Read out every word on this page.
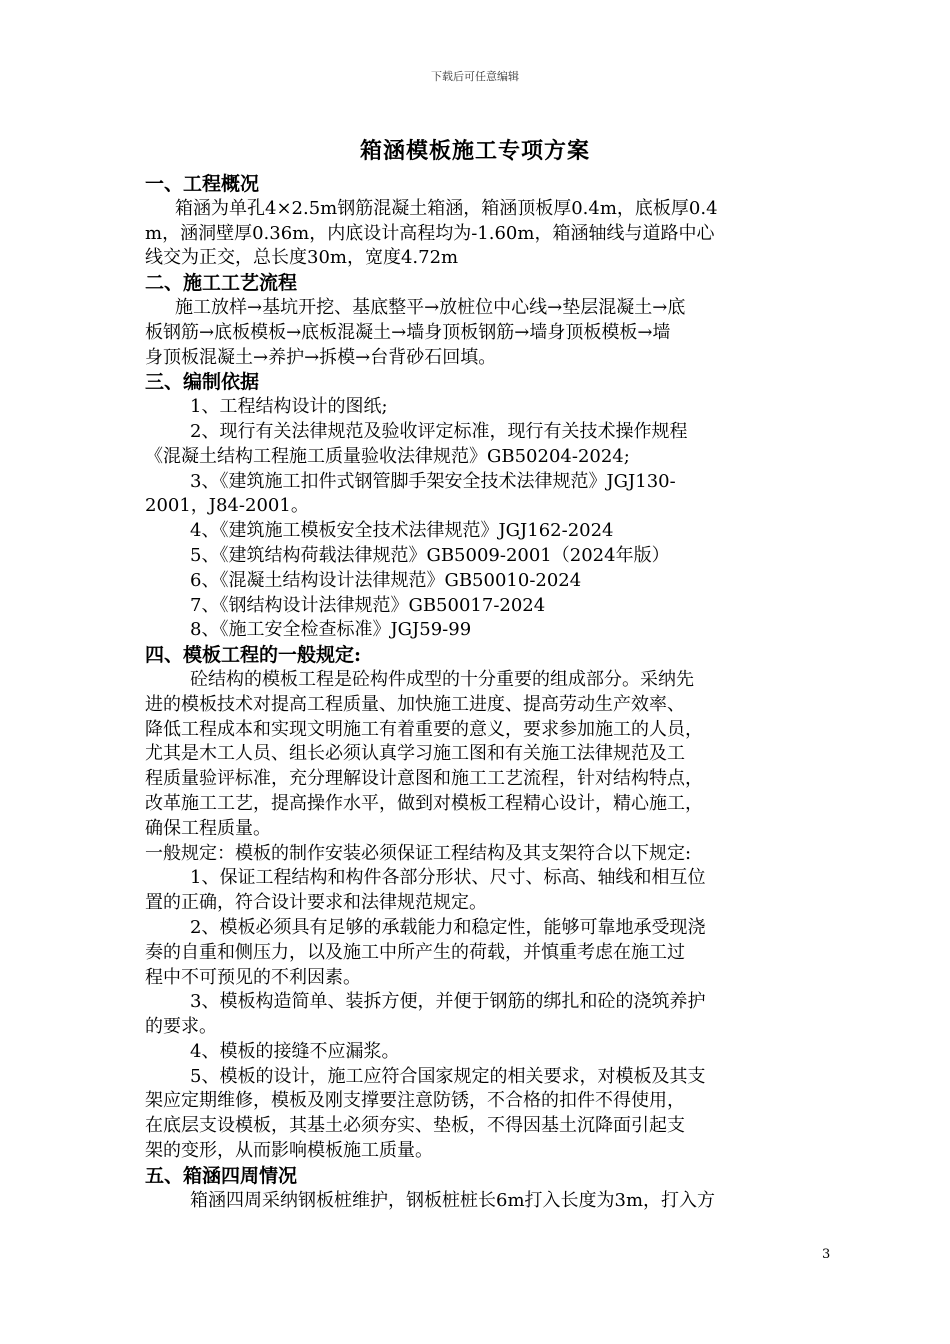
下载后可任意编辑
箱涵模板施工专项方案
一、工程概况
箱涵为单孔4×2.5m钢筋混凝土箱涵，箱涵顶板厚0.4m，底板厚0.4
m，涵洞壁厚0.36m，内底设计高程均为-1.60m，箱涵轴线与道路中心
线交为正交，总长度30m，宽度4.72m
二、施工工艺流程
施工放样→基坑开挖、基底整平→放桩位中心线→垫层混凝土→底
板钢筋→底板模板→底板混凝土→墙身顶板钢筋→墙身顶板模板→墙
身顶板混凝土→养护→拆模→台背砂石回填。
三、编制依据
1、工程结构设计的图纸;
2、现行有关法律规范及验收评定标准，现行有关技术操作规程
《混凝土结构工程施工质量验收法律规范》GB50204-2024;
3、《建筑施工扣件式钢管脚手架安全技术法律规范》JGJ130-
2001，J84-2001。
4、《建筑施工模板安全技术法律规范》JGJ162-2024
5、《建筑结构荷载法律规范》GB5009-2001（2024年版）
6、《混凝土结构设计法律规范》GB50010-2024
7、《钢结构设计法律规范》GB50017-2024
8、《施工安全检查标准》JGJ59-99
四、模板工程的一般规定:
砼结构的模板工程是砼构件成型的十分重要的组成部分。采纳先
进的模板技术对提高工程质量、加快施工进度、提高劳动生产效率、
降低工程成本和实现文明施工有着重要的意义，要求参加施工的人员，
尤其是木工人员、组长必须认真学习施工图和有关施工法律规范及工
程质量验评标准，充分理解设计意图和施工工艺流程，针对结构特点，
改革施工工艺，提高操作水平，做到对模板工程精心设计，精心施工，
确保工程质量。
一般规定：模板的制作安装必须保证工程结构及其支架符合以下规定:
1、保证工程结构和构件各部分形状、尺寸、标高、轴线和相互位
置的正确，符合设计要求和法律规范规定。
2、模板必须具有足够的承载能力和稳定性，能够可靠地承受现浇
奏的自重和侧压力，以及施工中所产生的荷载，并慎重考虑在施工过
程中不可预见的不利因素。
3、模板构造简单、装拆方便，并便于钢筋的绑扎和砼的浇筑养护
的要求。
4、模板的接缝不应漏浆。
5、模板的设计，施工应符合国家规定的相关要求，对模板及其支
架应定期维修，模板及刚支撑要注意防锈，不合格的扣件不得使用，
在底层支设模板，其基土必须夯实、垫板，不得因基土沉降面引起支
架的变形，从而影响模板施工质量。
五、箱涵四周情况
箱涵四周采纳钢板桩维护，钢板桩桩长6m打入长度为3m，打入方
3
